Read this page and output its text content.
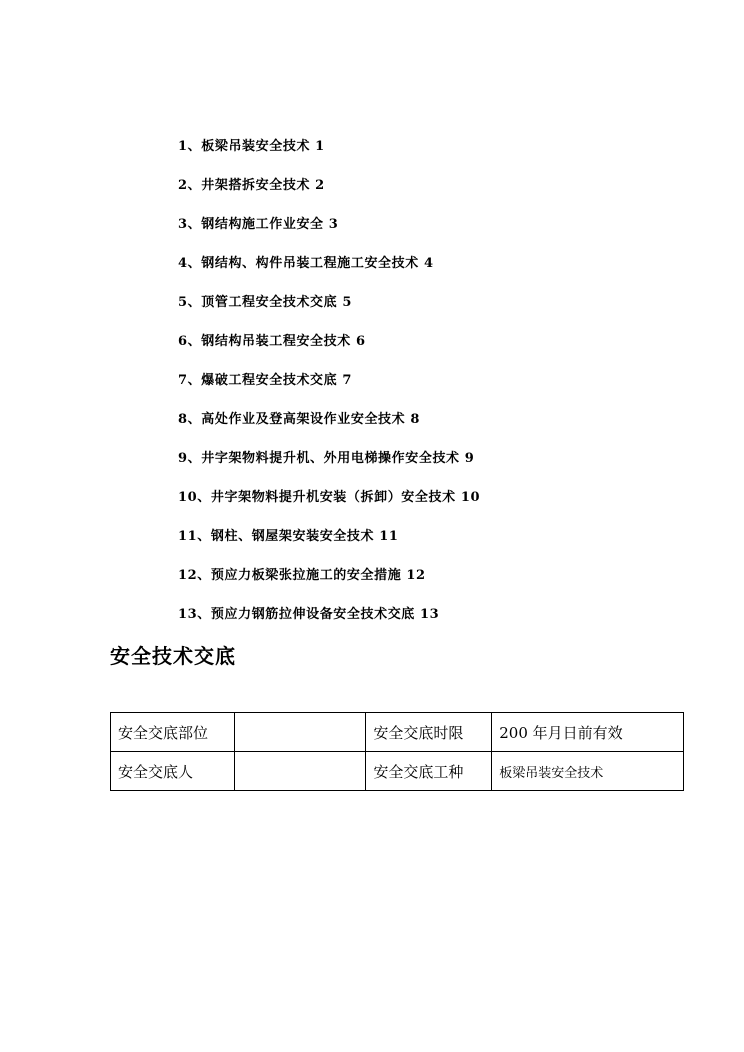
1、板梁吊装安全技术 1
2、井架搭拆安全技术 2
3、钢结构施工作业安全 3
4、钢结构、构件吊装工程施工安全技术 4
5、顶管工程安全技术交底 5
6、钢结构吊装工程安全技术 6
7、爆破工程安全技术交底 7
8、高处作业及登高架设作业安全技术 8
9、井字架物料提升机、外用电梯操作安全技术 9
10、井字架物料提升机安装（拆卸）安全技术 10
11、钢柱、钢屋架安装安全技术 11
12、预应力板梁张拉施工的安全措施 12
13、预应力钢筋拉伸设备安全技术交底 13
安全技术交底
安全交底部位		安全交底时限	200 年月日前有效
安全交底人		安全交底工种	板梁吊装安全技术
